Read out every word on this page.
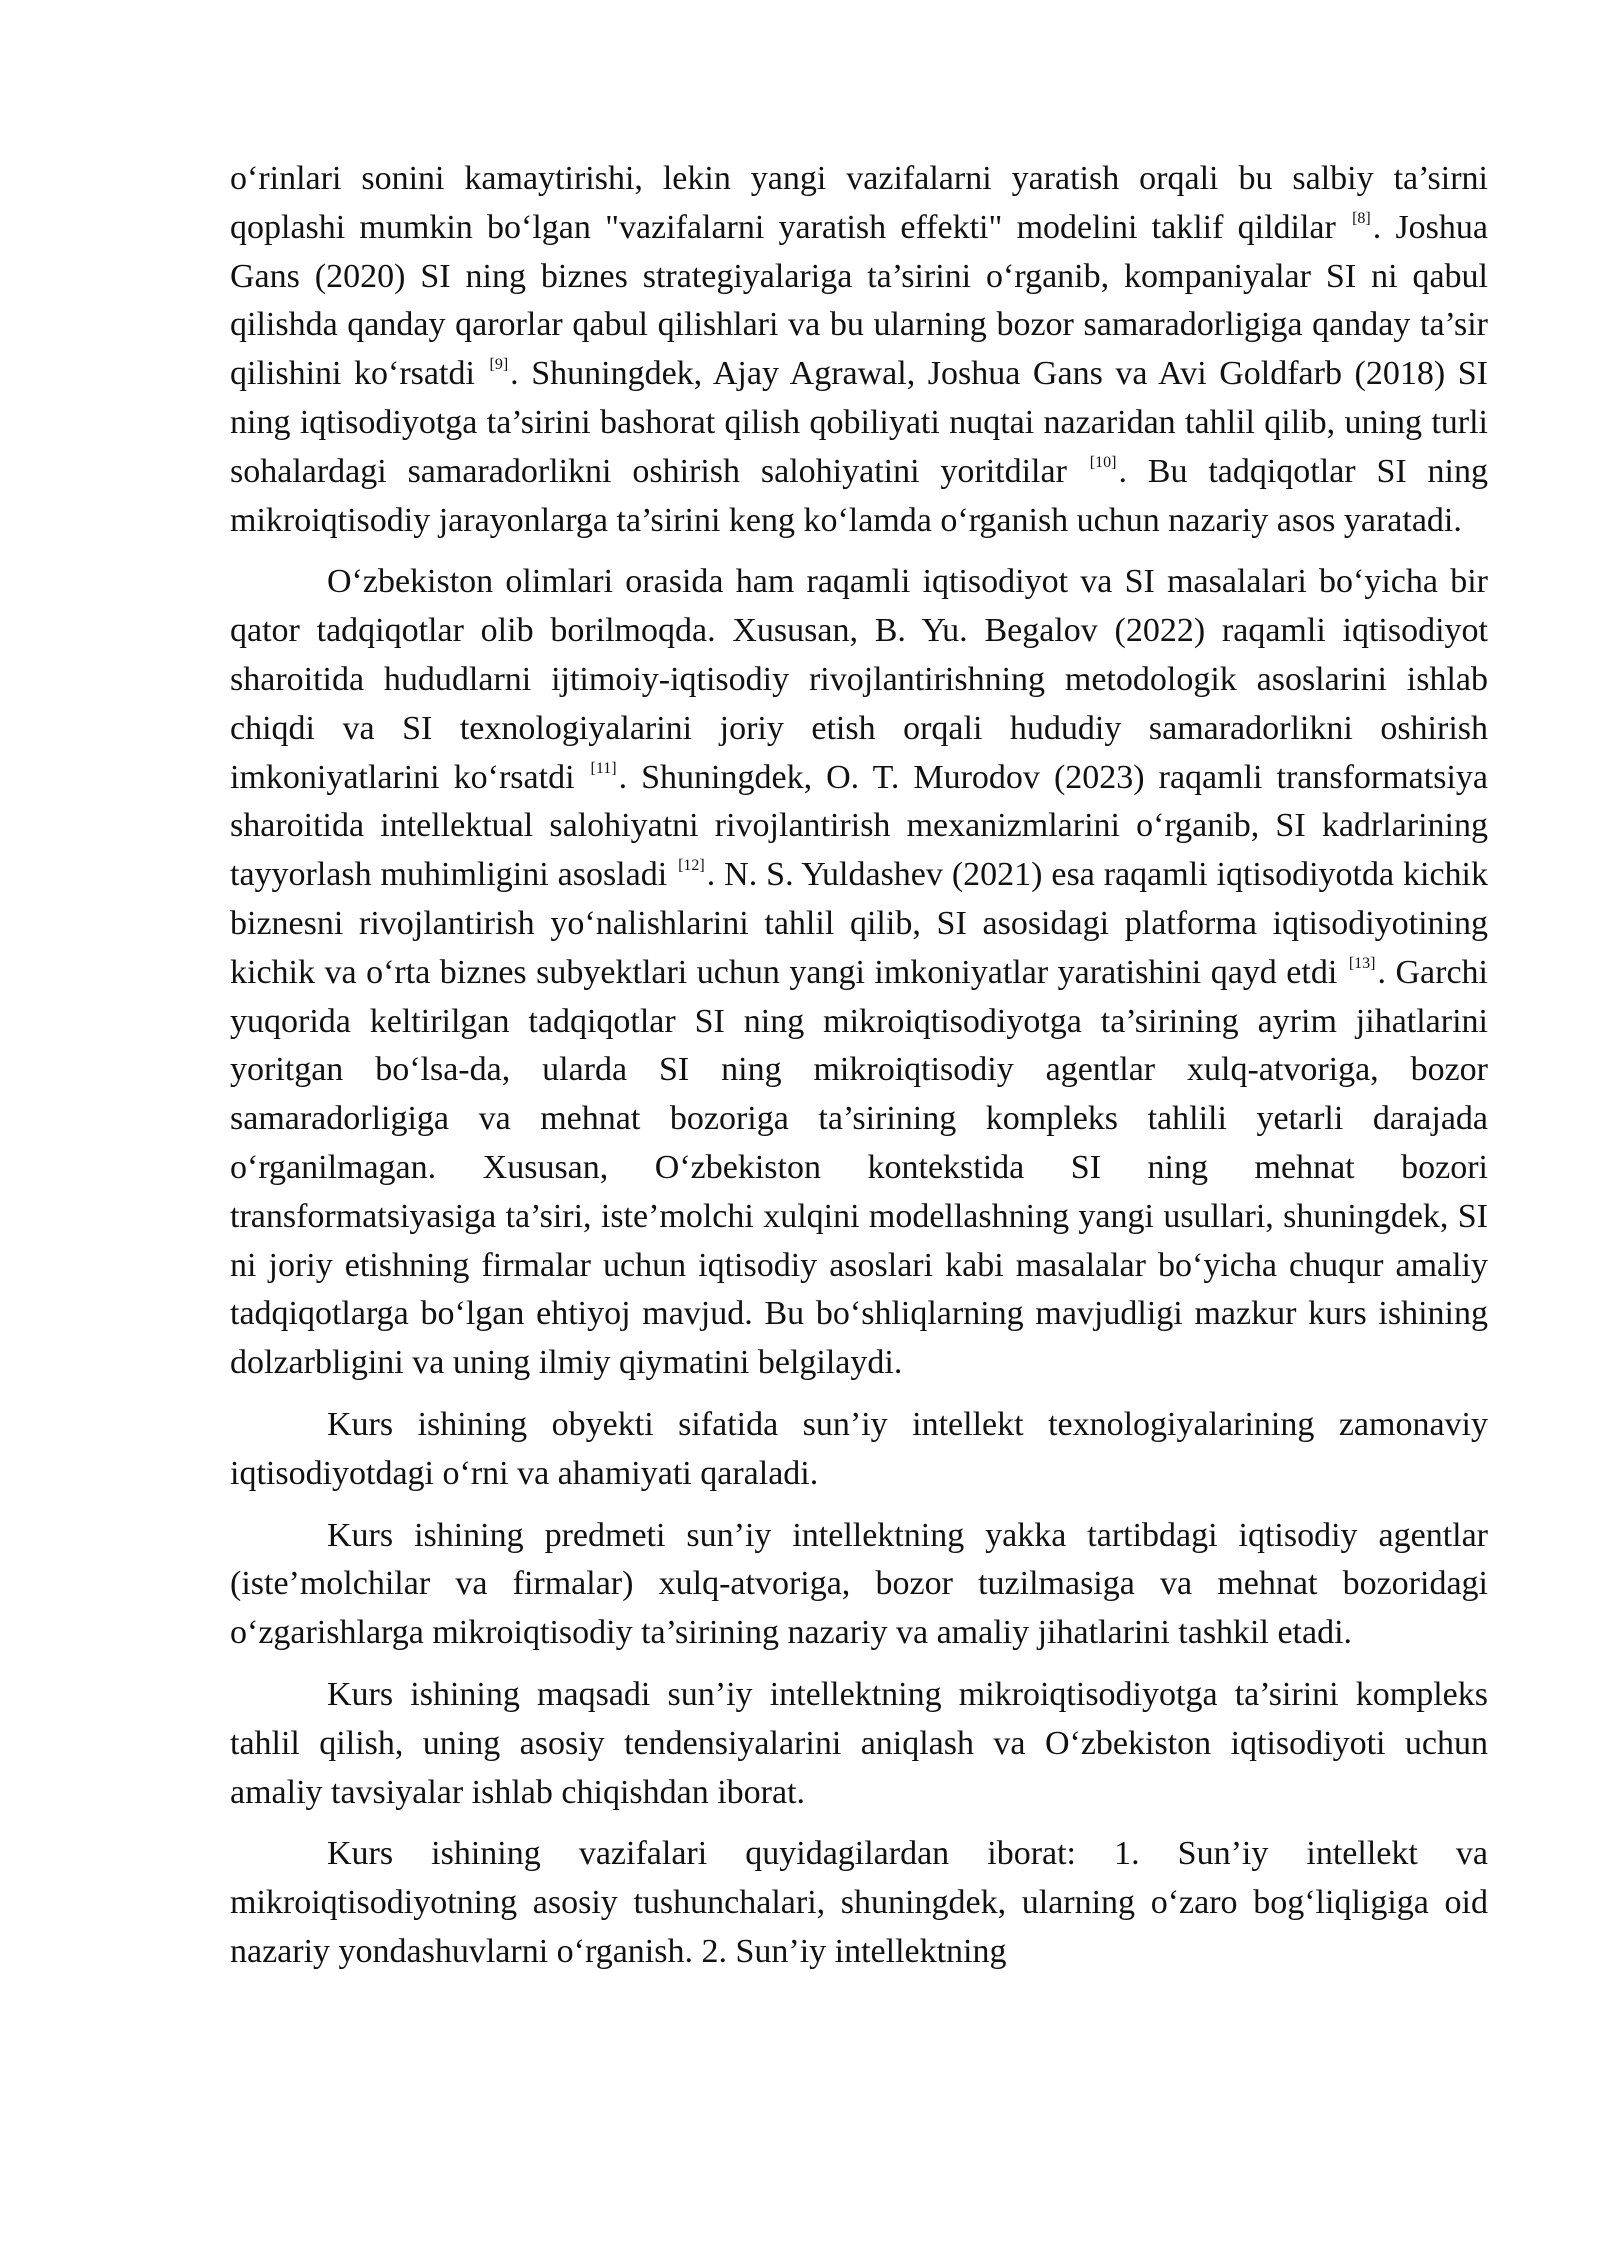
o‘rinlari sonini kamaytirishi, lekin yangi vazifalarni yaratish orqali bu salbiy ta’sirni qoplashi mumkin bo‘lgan "vazifalarni yaratish effekti" modelini taklif qildilar [8]. Joshua Gans (2020) SI ning biznes strategiyalariga ta’sirini o‘rganib, kompaniyalar SI ni qabul qilishda qanday qarorlar qabul qilishlari va bu ularning bozor samaradorligiga qanday ta’sir qilishini ko‘rsatdi [9]. Shuningdek, Ajay Agrawal, Joshua Gans va Avi Goldfarb (2018) SI ning iqtisodiyotga ta’sirini bashorat qilish qobiliyati nuqtai nazaridan tahlil qilib, uning turli sohalardagi samaradorlikni oshirish salohiyatini yoritdilar [10]. Bu tadqiqotlar SI ning mikroiqtisodiy jarayonlarga ta’sirini keng ko‘lamda o‘rganish uchun nazariy asos yaratadi.

O‘zbekiston olimlari orasida ham raqamli iqtisodiyot va SI masalalari bo‘yicha bir qator tadqiqotlar olib borilmoqda. Xususan, B. Yu. Begalov (2022) raqamli iqtisodiyot sharoitida hududlarni ijtimoiy-iqtisodiy rivojlantirishning metodologik asoslarini ishlab chiqdi va SI texnologiyalarini joriy etish orqali hududiy samaradorlikni oshirish imkoniyatlarini ko‘rsatdi [11]. Shuningdek, O. T. Murodov (2023) raqamli transformatsiya sharoitida intellektual salohiyatni rivojlantirish mexanizmlarini o‘rganib, SI kadrlarining tayyorlash muhimligini asosladi [12]. N. S. Yuldashev (2021) esa raqamli iqtisodiyotda kichik biznesni rivojlantirish yo‘nalishlarini tahlil qilib, SI asosidagi platforma iqtisodiyotining kichik va o‘rta biznes subyektlari uchun yangi imkoniyatlar yaratishini qayd etdi [13]. Garchi yuqorida keltirilgan tadqiqotlar SI ning mikroiqtisodiyotga ta’sirining ayrim jihatlarini yoritgan bo‘lsa-da, ularda SI ning mikroiqtisodiy agentlar xulq-atvoriga, bozor samaradorligiga va mehnat bozoriga ta’sirining kompleks tahlili yetarli darajada o‘rganilmagan. Xususan, O‘zbekiston kontekstida SI ning mehnat bozori transformatsiyasiga ta’siri, iste’molchi xulqini modellashning yangi usullari, shuningdek, SI ni joriy etishning firmalar uchun iqtisodiy asoslari kabi masalalar bo‘yicha chuqur amaliy tadqiqotlarga bo‘lgan ehtiyoj mavjud. Bu bo‘shliqlarning mavjudligi mazkur kurs ishining dolzarbligini va uning ilmiy qiymatini belgilaydi.

Kurs ishining obyekti sifatida sun’iy intellekt texnologiyalarining zamonaviy iqtisodiyotdagi o‘rni va ahamiyati qaraladi.

Kurs ishining predmeti sun’iy intellektning yakka tartibdagi iqtisodiy agentlar (iste’molchilar va firmalar) xulq-atvoriga, bozor tuzilmasiga va mehnat bozoridagi o‘zgarishlarga mikroiqtisodiy ta’sirining nazariy va amaliy jihatlarini tashkil etadi.

Kurs ishining maqsadi sun’iy intellektning mikroiqtisodiyotga ta’sirini kompleks tahlil qilish, uning asosiy tendensiyalarini aniqlash va O‘zbekiston iqtisodiyoti uchun amaliy tavsiyalar ishlab chiqishdan iborat.

Kurs ishining vazifalari quyidagilardan iborat: 1. Sun’iy intellekt va mikroiqtisodiyotning asosiy tushunchalari, shuningdek, ularning o‘zaro bog‘liqligiga oid nazariy yondashuvlarni o‘rganish. 2. Sun’iy intellektning
